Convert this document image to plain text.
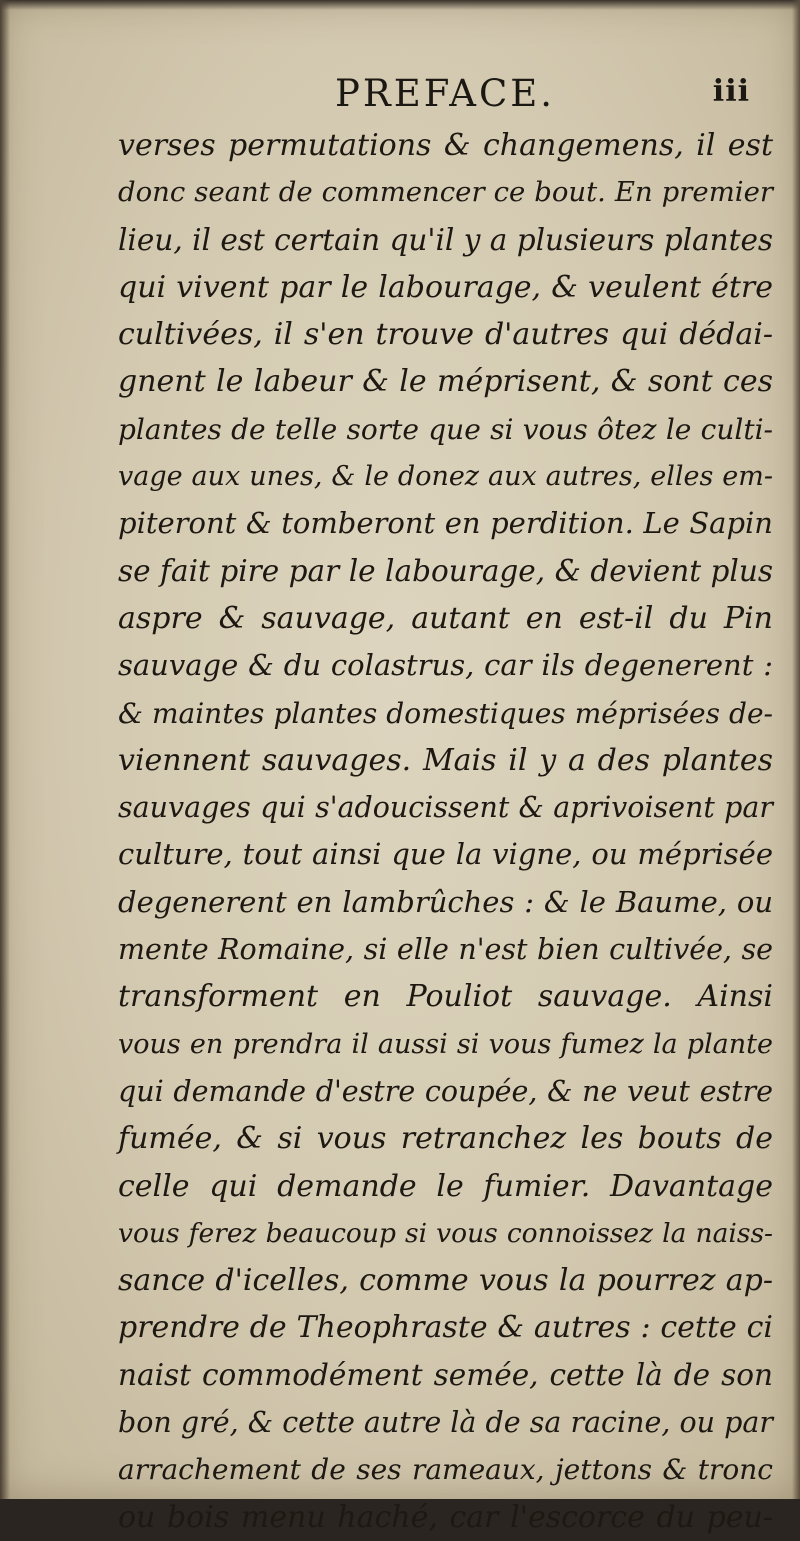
PREFACE.	iii
verses permutations & changemens, il est
donc seant de commencer ce bout. En premier
lieu, il est certain qu'il y a plusieurs plantes
qui vivent par le labourage, & veulent étre
cultivées, il s'en trouve d'autres qui dédai-
gnent le labeur & le méprisent, & sont ces
plantes de telle sorte que si vous ôtez le culti-
vage aux unes, & le donez aux autres, elles em-
piteront & tomberont en perdition. Le Sapin
se fait pire par le labourage, & devient plus
aspre & sauvage, autant en est-il du Pin
sauvage & du colastrus, car ils degenerent :
& maintes plantes domestiques méprisées de-
viennent sauvages. Mais il y a des plantes
sauvages qui s'adoucissent & aprivoisent par
culture, tout ainsi que la vigne, ou méprisée
degenerent en lambrûches : & le Baume, ou
mente Romaine, si elle n'est bien cultivée, se
transforment en Pouliot sauvage. Ainsi
vous en prendra il aussi si vous fumez la plante
qui demande d'estre coupée, & ne veut estre
fumée, & si vous retranchez les bouts de
celle qui demande le fumier. Davantage
vous ferez beaucoup si vous connoissez la naiss-
sance d'icelles, comme vous la pourrez ap-
prendre de Theophraste & autres : cette ci
naist commodément semée, cette là de son
bon gré, & cette autre là de sa racine, ou par
arrachement de ses rameaux, jettons & tronc
ou bois menu haché, car l'escorce du peu-
